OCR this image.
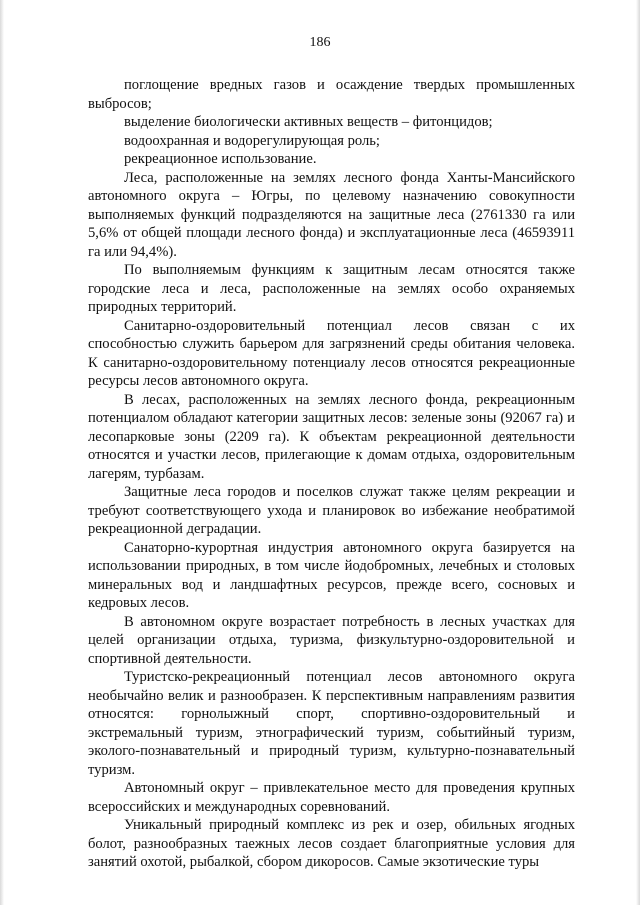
186

поглощение вредных газов и осаждение твердых промышленных выбросов;

выделение биологически активных веществ – фитонцидов;

водоохранная и водорегулирующая роль;

рекреационное использование.

Леса, расположенные на землях лесного фонда Ханты-Мансийского автономного округа – Югры, по целевому назначению совокупности выполняемых функций подразделяются на защитные леса (2761330 га или 5,6% от общей площади лесного фонда) и эксплуатационные леса (46593911 га или 94,4%).

По выполняемым функциям к защитным лесам относятся также городские леса и леса, расположенные на землях особо охраняемых природных территорий.

Санитарно-оздоровительный потенциал лесов связан с их способностью служить барьером для загрязнений среды обитания человека. К санитарно-оздоровительному потенциалу лесов относятся рекреационные ресурсы лесов автономного округа.

В лесах, расположенных на землях лесного фонда, рекреационным потенциалом обладают категории защитных лесов: зеленые зоны (92067 га) и лесопарковые зоны (2209 га). К объектам рекреационной деятельности относятся и участки лесов, прилегающие к домам отдыха, оздоровительным лагерям, турбазам.

Защитные леса городов и поселков служат также целям рекреации и требуют соответствующего ухода и планировок во избежание необратимой рекреационной деградации.

Санаторно-курортная индустрия автономного округа базируется на использовании природных, в том числе йодобромных, лечебных и столовых минеральных вод и ландшафтных ресурсов, прежде всего, сосновых и кедровых лесов.

В автономном округе возрастает потребность в лесных участках для целей организации отдыха, туризма, физкультурно-оздоровительной и спортивной деятельности.

Туристско-рекреационный потенциал лесов автономного округа необычайно велик и разнообразен. К перспективным направлениям развития относятся: горнолыжный спорт, спортивно-оздоровительный и экстремальный туризм, этнографический туризм, событийный туризм, эколого-познавательный и природный туризм, культурно-познавательный туризм.

Автономный округ – привлекательное место для проведения крупных всероссийских и международных соревнований.

Уникальный природный комплекс из рек и озер, обильных ягодных болот, разнообразных таежных лесов создает благоприятные условия для занятий охотой, рыбалкой, сбором дикоросов. Самые экзотические туры
